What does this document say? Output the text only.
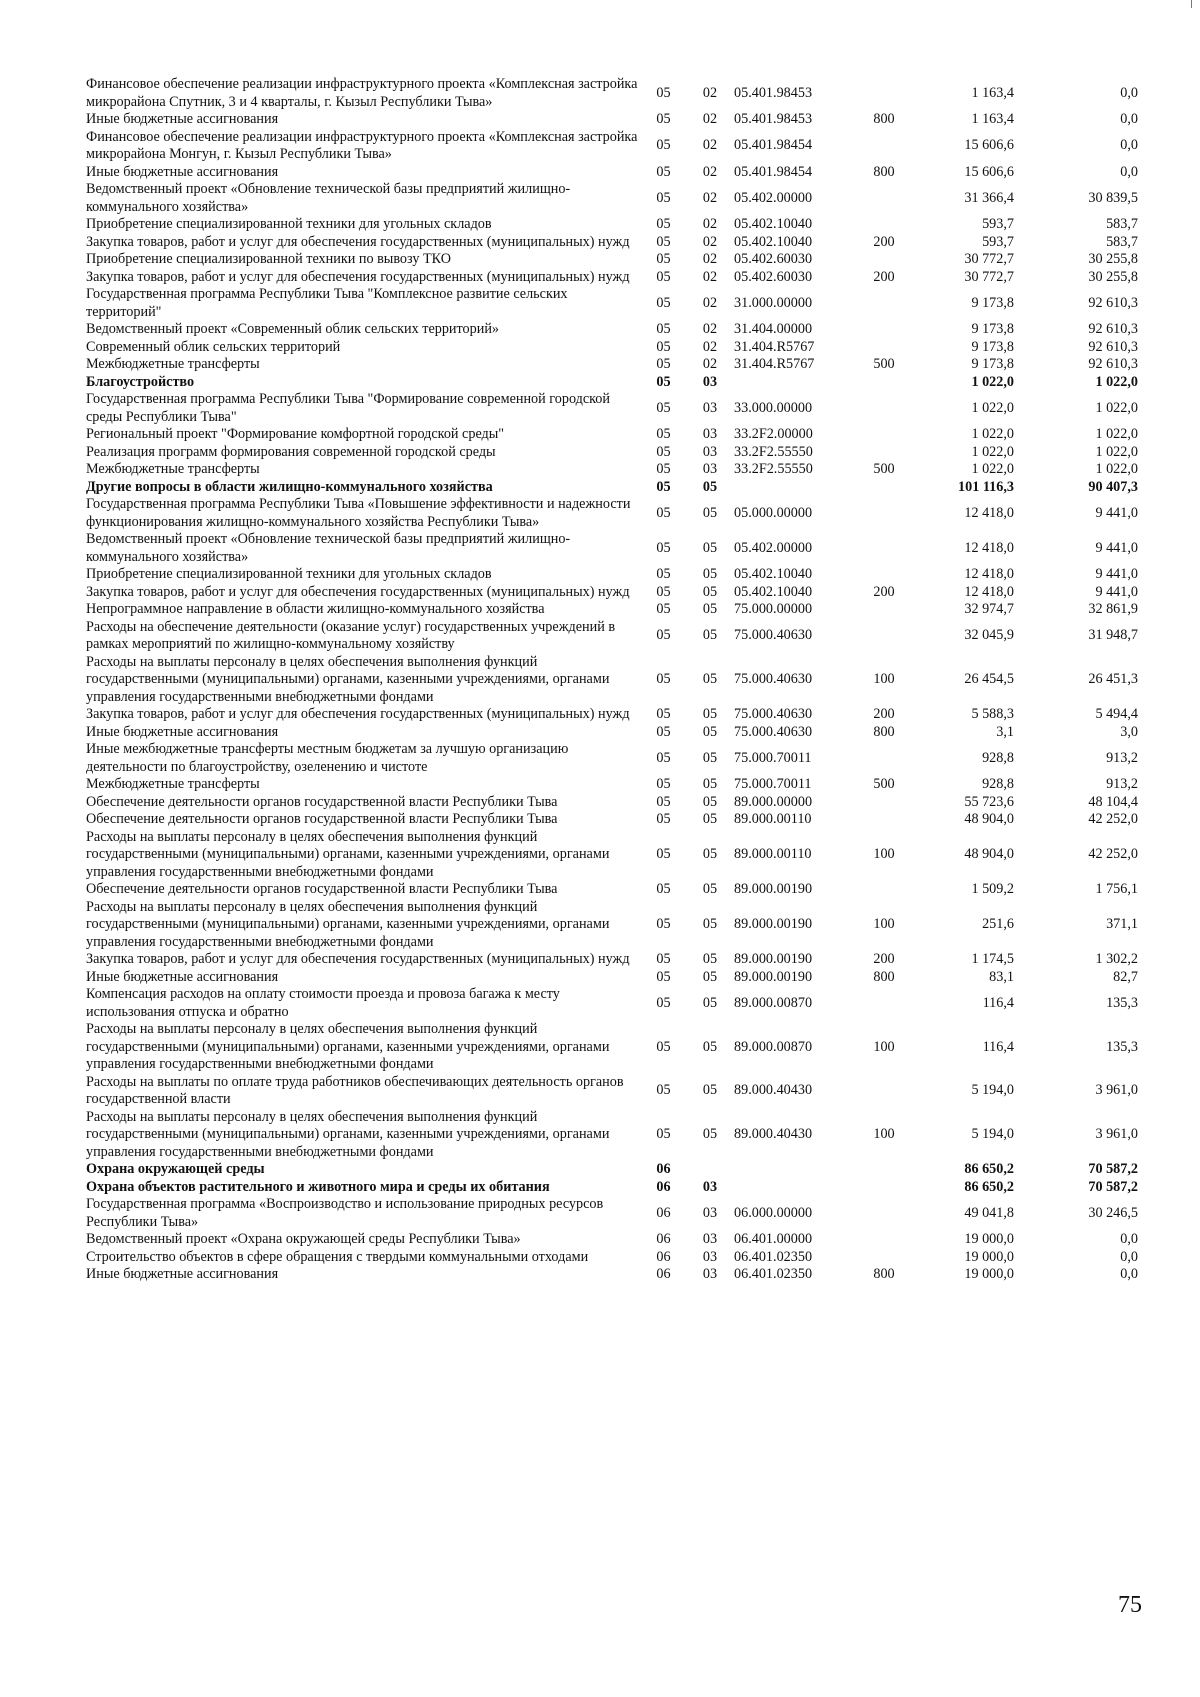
Финансовое обеспечение реализации инфраструктурного проекта «Комплексная застройка микрорайона Спутник, 3 и 4 кварталы, г. Кызыл Республики Тыва»	05	02	05.401.98453		1 163,4	0,0
Иные бюджетные ассигнования	05	02	05.401.98453	800	1 163,4	0,0
Финансовое обеспечение реализации инфраструктурного проекта «Комплексная застройка микрорайона Монгун, г. Кызыл Республики Тыва»	05	02	05.401.98454		15 606,6	0,0
Иные бюджетные ассигнования	05	02	05.401.98454	800	15 606,6	0,0
Ведомственный проект «Обновление технической базы предприятий жилищно-коммунального хозяйства»	05	02	05.402.00000		31 366,4	30 839,5
Приобретение специализированной техники для угольных складов	05	02	05.402.10040		593,7	583,7
Закупка товаров, работ и услуг для обеспечения государственных (муниципальных) нужд	05	02	05.402.10040	200	593,7	583,7
Приобретение специализированной техники по вывозу ТКО	05	02	05.402.60030		30 772,7	30 255,8
Закупка товаров, работ и услуг для обеспечения государственных (муниципальных) нужд	05	02	05.402.60030	200	30 772,7	30 255,8
Государственная программа Республики Тыва "Комплексное развитие сельских территорий"	05	02	31.000.00000		9 173,8	92 610,3
Ведомственный проект «Современный облик сельских территорий»	05	02	31.404.00000		9 173,8	92 610,3
Современный облик сельских территорий	05	02	31.404.R5767		9 173,8	92 610,3
Межбюджетные трансферты	05	02	31.404.R5767	500	9 173,8	92 610,3
Благоустройство	05	03			1 022,0	1 022,0
Государственная программа Республики Тыва "Формирование современной городской среды Республики Тыва"	05	03	33.000.00000		1 022,0	1 022,0
Региональный проект "Формирование комфортной городской среды"	05	03	33.2F2.00000		1 022,0	1 022,0
Реализация программ формирования современной городской среды	05	03	33.2F2.55550		1 022,0	1 022,0
Межбюджетные трансферты	05	03	33.2F2.55550	500	1 022,0	1 022,0
Другие вопросы в области жилищно-коммунального хозяйства	05	05			101 116,3	90 407,3
Государственная программа Республики Тыва «Повышение эффективности и надежности функционирования жилищно-коммунального хозяйства Республики Тыва»	05	05	05.000.00000		12 418,0	9 441,0
Ведомственный проект «Обновление технической базы предприятий жилищно-коммунального хозяйства»	05	05	05.402.00000		12 418,0	9 441,0
Приобретение специализированной техники для угольных складов	05	05	05.402.10040		12 418,0	9 441,0
Закупка товаров, работ и услуг для обеспечения государственных (муниципальных) нужд	05	05	05.402.10040	200	12 418,0	9 441,0
Непрограммное направление в области жилищно-коммунального хозяйства	05	05	75.000.00000		32 974,7	32 861,9
Расходы на обеспечение деятельности (оказание услуг) государственных учреждений в рамках мероприятий по жилищно-коммунальному хозяйству	05	05	75.000.40630		32 045,9	31 948,7
Расходы на выплаты персоналу в целях обеспечения выполнения функций государственными (муниципальными) органами, казенными учреждениями, органами управления государственными внебюджетными фондами	05	05	75.000.40630	100	26 454,5	26 451,3
Закупка товаров, работ и услуг для обеспечения государственных (муниципальных) нужд	05	05	75.000.40630	200	5 588,3	5 494,4
Иные бюджетные ассигнования	05	05	75.000.40630	800	3,1	3,0
Иные межбюджетные трансферты местным бюджетам за лучшую организацию деятельности по благоустройству, озеленению и чистоте	05	05	75.000.70011		928,8	913,2
Межбюджетные трансферты	05	05	75.000.70011	500	928,8	913,2
Обеспечение деятельности органов государственной власти Республики Тыва	05	05	89.000.00000		55 723,6	48 104,4
Обеспечение деятельности органов государственной власти Республики Тыва	05	05	89.000.00110		48 904,0	42 252,0
Расходы на выплаты персоналу в целях обеспечения выполнения функций государственными (муниципальными) органами, казенными учреждениями, органами управления государственными внебюджетными фондами	05	05	89.000.00110	100	48 904,0	42 252,0
Обеспечение деятельности органов государственной власти Республики Тыва	05	05	89.000.00190		1 509,2	1 756,1
Расходы на выплаты персоналу в целях обеспечения выполнения функций государственными (муниципальными) органами, казенными учреждениями, органами управления государственными внебюджетными фондами	05	05	89.000.00190	100	251,6	371,1
Закупка товаров, работ и услуг для обеспечения государственных (муниципальных) нужд	05	05	89.000.00190	200	1 174,5	1 302,2
Иные бюджетные ассигнования	05	05	89.000.00190	800	83,1	82,7
Компенсация расходов на оплату стоимости проезда и провоза багажа к месту использования отпуска и обратно	05	05	89.000.00870		116,4	135,3
Расходы на выплаты персоналу в целях обеспечения выполнения функций государственными (муниципальными) органами, казенными учреждениями, органами управления государственными внебюджетными фондами	05	05	89.000.00870	100	116,4	135,3
Расходы на выплаты по оплате труда работников обеспечивающих деятельность органов государственной власти	05	05	89.000.40430		5 194,0	3 961,0
Расходы на выплаты персоналу в целях обеспечения выполнения функций государственными (муниципальными) органами, казенными учреждениями, органами управления государственными внебюджетными фондами	05	05	89.000.40430	100	5 194,0	3 961,0
Охрана окружающей среды	06				86 650,2	70 587,2
Охрана объектов растительного и животного мира и среды их обитания	06	03			86 650,2	70 587,2
Государственная программа «Воспроизводство и использование природных ресурсов Республики Тыва»	06	03	06.000.00000		49 041,8	30 246,5
Ведомственный проект «Охрана окружающей среды Республики Тыва»	06	03	06.401.00000		19 000,0	0,0
Строительство объектов в сфере обращения с твердыми коммунальными отходами	06	03	06.401.02350		19 000,0	0,0
Иные бюджетные ассигнования	06	03	06.401.02350	800	19 000,0	0,0
75
